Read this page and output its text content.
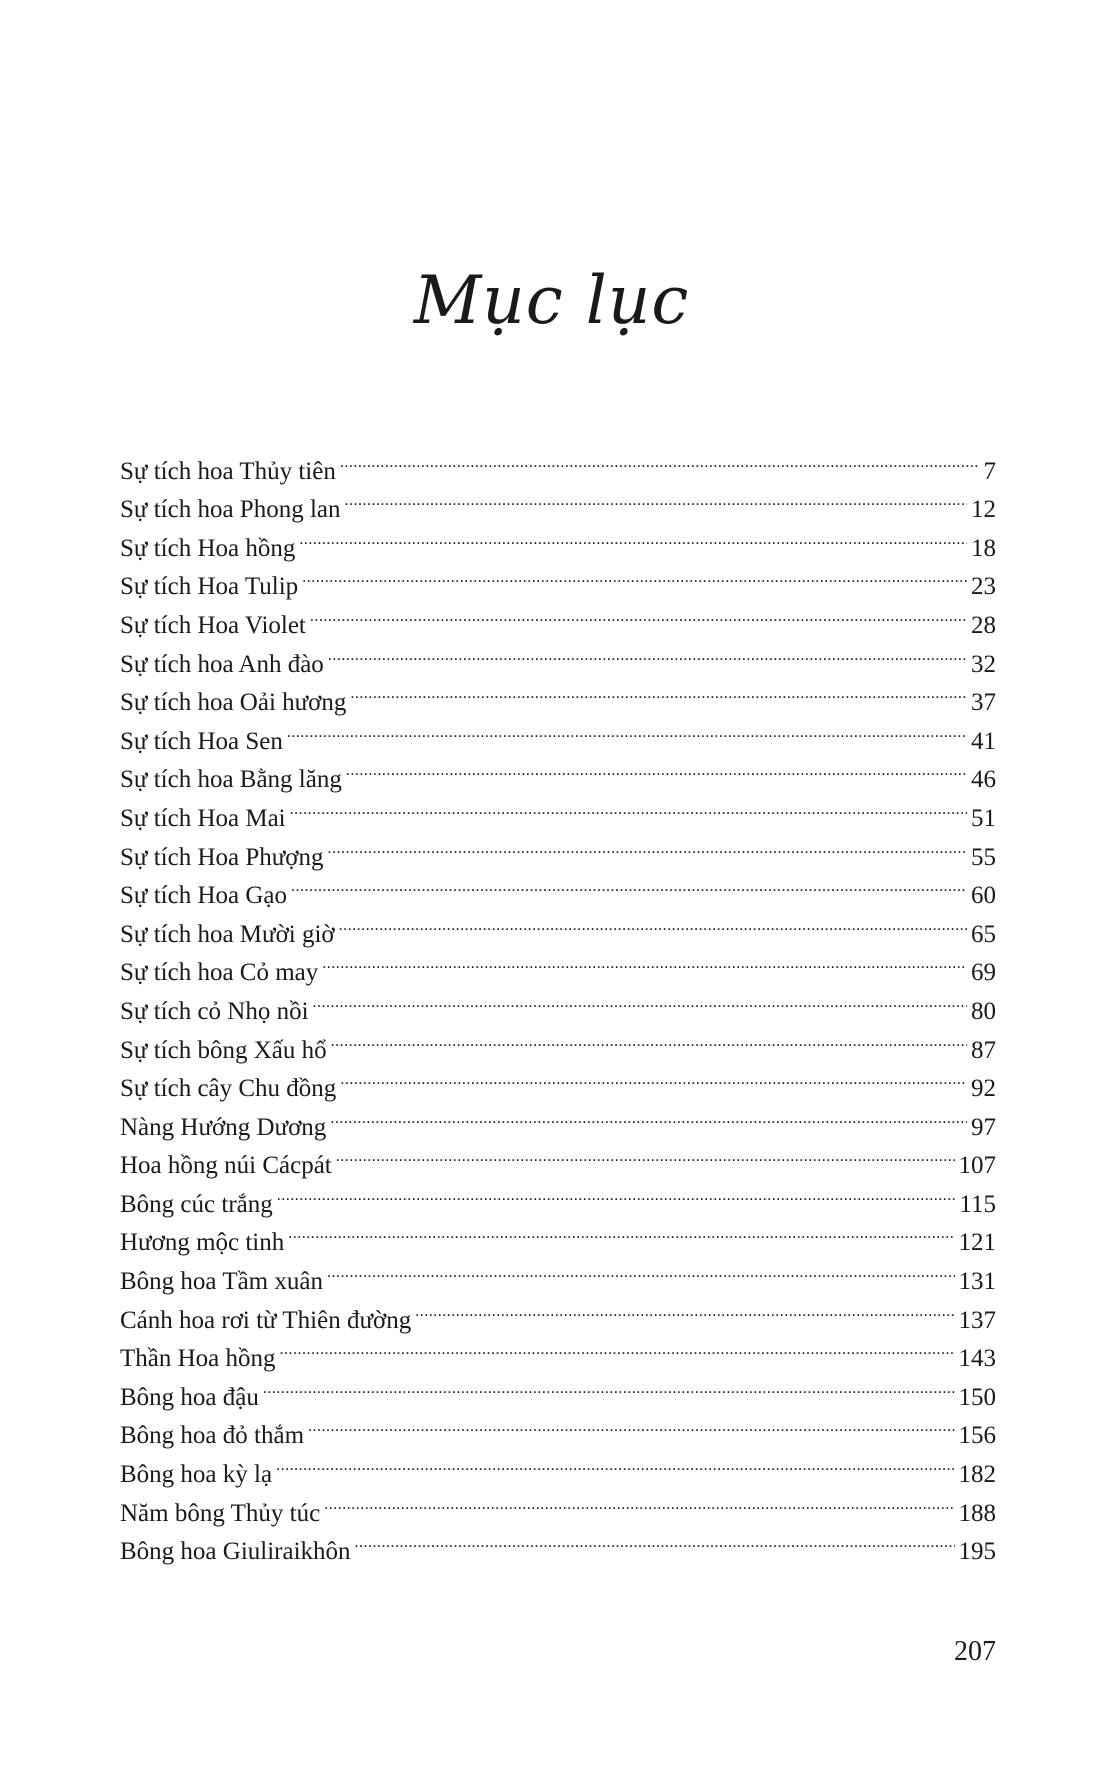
Mục lục
Sự tích hoa Thủy tiên .....	7
Sự tích hoa Phong lan .....	12
Sự tích Hoa hồng .....	18
Sự tích Hoa Tulip .....	23
Sự tích Hoa Violet .....	28
Sự tích hoa Anh đào .....	32
Sự tích hoa Oải hương .....	37
Sự tích Hoa Sen .....	41
Sự tích hoa Bằng lăng .....	46
Sự tích Hoa Mai .....	51
Sự tích Hoa Phượng .....	55
Sự tích Hoa Gạo .....	60
Sự tích hoa Mười giờ .....	65
Sự tích hoa Cỏ may .....	69
Sự tích cỏ Nhọ nồi .....	80
Sự tích bông Xấu hổ .....	87
Sự tích cây Chu đồng .....	92
Nàng Hướng Dương .....	97
Hoa hồng núi Cácpát .....	107
Bông cúc trắng .....	115
Hương mộc tinh .....	121
Bông hoa Tầm xuân .....	131
Cánh hoa rơi từ Thiên đường .....	137
Thần Hoa hồng .....	143
Bông hoa đậu .....	150
Bông hoa đỏ thắm .....	156
Bông hoa kỳ lạ .....	182
Năm bông Thủy túc .....	188
Bông hoa Giuliraikhôn .....	195
207
